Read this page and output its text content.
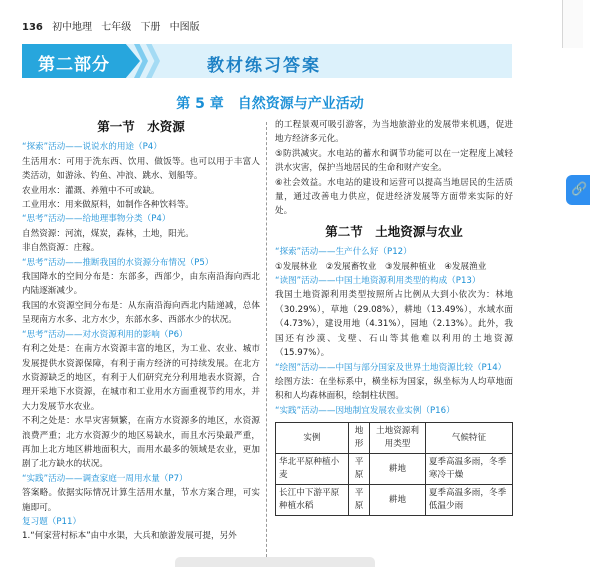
136 初中地理 七年级 下册 中图版
第二部分	教材练习答案
第 5 章　自然资源与产业活动
第一节　水资源

“探索”活动——说说水的用途（P4）

生活用水：可用于洗东西、饮用、做饭等。也可以用于丰富人类活动，如游泳、钓鱼、冲浪、跳水、划船等。

农业用水：灌溉、养殖中不可或缺。

工业用水：用来做原料，如制作各种饮料等。

“思考”活动——给地理事物分类（P4）

自然资源：河流，煤炭，森林，土地，阳光。

非自然资源：庄稼。

“思考”活动——推断我国的水资源分布情况（P5）

我国降水的空间分布是：东部多，西部少，由东南沿海向西北内陆逐渐减少。

我国的水资源空间分布是：从东南沿海向西北内陆递减，总体呈现南方水多、北方水少，东部水多、西部水少的状况。

“思考”活动——对水资源利用的影响（P6）

有利之处是：在南方水资源丰富的地区，为工业、农业、城市发展提供水资源保障，有利于南方经济的可持续发展。在北方水资源缺乏的地区，有利于人们研究充分利用地表水资源，合理开采地下水资源，在城市和工业用水方面重视节约用水，并大力发展节水农业。

不利之处是：水旱灾害频繁，在南方水资源多的地区，水资源浪费严重；北方水资源少的地区易缺水，而且水污染最严重，再加上北方地区耕地面积大，而用水最多的领域是农业，更加剧了北方缺水的状况。

“实践”活动——调查家庭一周用水量（P7）

答案略。依据实际情况计算生活用水量，节水方案合理，可实施即可。

复习题（P11）

1.“何家营村标本”由中水渠，大兵和旅游发展可提，另外

的工程景观可吸引游客，为当地旅游业的发展带来机遇，促进地方经济多元化。

⑤防洪减灾。水电站的蓄水和调节功能可以在一定程度上减轻洪水灾害，保护当地居民的生命和财产安全。

⑥社会效益。水电站的建设和运营可以提高当地居民的生活质量，通过改善电力供应，促进经济发展等方面带来实际的好处。

第二节　土地资源与农业

“探索”活动——生产什么好（P12）

①发展林业　②发展畜牧业　③发展种植业　④发展渔业

“读图”活动——中国土地资源利用类型的构成（P13）

我国土地资源利用类型按照所占比例从大到小依次为：林地（30.29%），草地（29.08%），耕地（13.49%），水域水面（4.73%），建设用地（4.31%），园地（2.13%）。此外，我国还有沙漠、戈壁、石山等其他难以利用的土地资源（15.97%）。

“绘图”活动——中国与部分国家及世界土地资源比较（P14）

绘图方法：在坐标系中，横坐标为国家，纵坐标为人均草地面积和人均森林面积，绘制柱状图。

“实践”活动——因地制宜发展农业实例（P16）

实例	地形	土地资源利用类型	气候特征
华北平原种植小麦	平原	耕地	夏季高温多雨，冬季寒冷干燥
长江中下游平原种植水稻	平原	耕地	夏季高温多雨，冬季低温少雨
🔗
